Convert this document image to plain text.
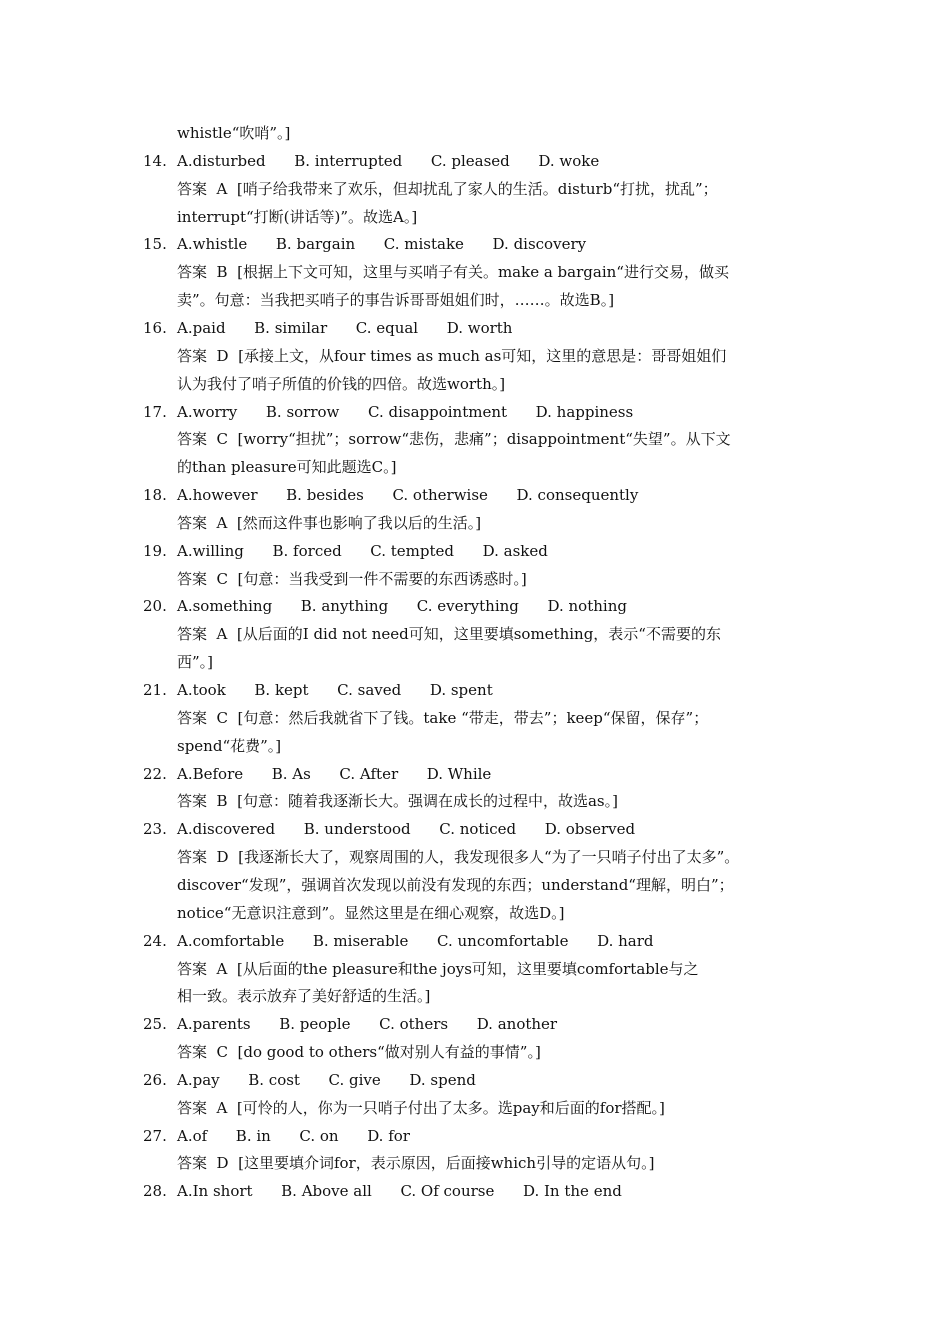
whistle“吹哨”。]
14. A.disturbed      B. interrupted      C. pleased      D. woke
答案  A  [哨子给我带来了欢乐，但却扰乱了家人的生活。disturb“打扰，扰乱”；
interrupt“打断(讲话等)”。故选A。]
15. A.whistle      B. bargain      C. mistake      D. discovery
答案  B  [根据上下文可知，这里与买哨子有关。make a bargain“进行交易，做买
卖”。句意：当我把买哨子的事告诉哥哥姐姐们时，……。故选B。]
16. A.paid      B. similar      C. equal      D. worth
答案  D  [承接上文，从four times as much as可知，这里的意思是：哥哥姐姐们
认为我付了哨子所值的价钱的四倍。故选worth。]
17. A.worry      B. sorrow      C. disappointment      D. happiness
答案  C  [worry“担扰”；sorrow“悲伤，悲痛”；disappointment“失望”。从下文
的than pleasure可知此题选C。]
18. A.however      B. besides      C. otherwise      D. consequently
答案  A  [然而这件事也影响了我以后的生活。]
19. A.willing      B. forced      C. tempted      D. asked
答案  C  [句意：当我受到一件不需要的东西诱惑时。]
20. A.something      B. anything      C. everything      D. nothing
答案  A  [从后面的I did not need可知，这里要填something，表示“不需要的东
西”。]
21. A.took      B. kept      C. saved      D. spent
答案  C  [句意：然后我就省下了钱。take “带走，带去”；keep“保留，保存”；
spend“花费”。]
22. A.Before      B. As      C. After      D. While
答案  B  [句意：随着我逐渐长大。强调在成长的过程中，故选as。]
23. A.discovered      B. understood      C. noticed      D. observed
答案  D  [我逐渐长大了，观察周围的人，我发现很多人“为了一只哨子付出了太多”。
discover“发现”，强调首次发现以前没有发现的东西；understand“理解，明白”；
notice“无意识注意到”。显然这里是在细心观察，故选D。]
24. A.comfortable      B. miserable      C. uncomfortable      D. hard
答案  A  [从后面的the pleasure和the joys可知，这里要填comfortable与之
相一致。表示放弃了美好舒适的生活。]
25. A.parents      B. people      C. others      D. another
答案  C  [do good to others“做对别人有益的事情”。]
26. A.pay      B. cost      C. give      D. spend
答案  A  [可怜的人，你为一只哨子付出了太多。选pay和后面的for搭配。]
27. A.of      B. in      C. on      D. for
答案  D  [这里要填介词for，表示原因，后面接which引导的定语从句。]
28. A.In short      B. Above all      C. Of course      D. In the end
